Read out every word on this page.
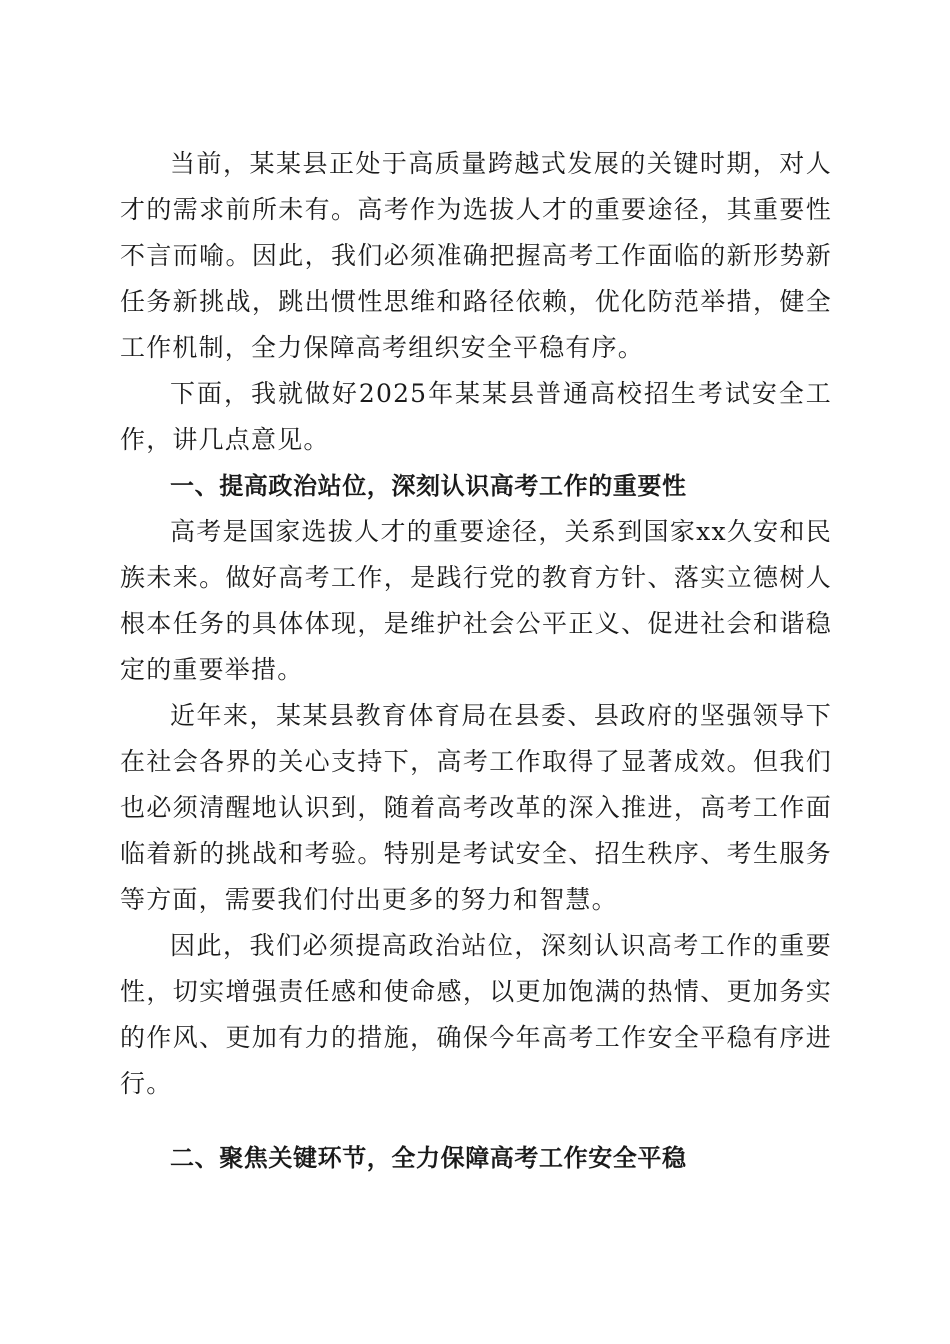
当前，某某县正处于高质量跨越式发展的关键时期，对人才的需求前所未有。高考作为选拔人才的重要途径，其重要性不言而喻。因此，我们必须准确把握高考工作面临的新形势新任务新挑战，跳出惯性思维和路径依赖，优化防范举措，健全工作机制，全力保障高考组织安全平稳有序。

下面，我就做好2025年某某县普通高校招生考试安全工作，讲几点意见。

一、提高政治站位，深刻认识高考工作的重要性

高考是国家选拔人才的重要途径，关系到国家xx久安和民族未来。做好高考工作，是践行党的教育方针、落实立德树人根本任务的具体体现，是维护社会公平正义、促进社会和谐稳定的重要举措。

近年来，某某县教育体育局在县委、县政府的坚强领导下在社会各界的关心支持下，高考工作取得了显著成效。但我们也必须清醒地认识到，随着高考改革的深入推进，高考工作面临着新的挑战和考验。特别是考试安全、招生秩序、考生服务等方面，需要我们付出更多的努力和智慧。

因此，我们必须提高政治站位，深刻认识高考工作的重要性，切实增强责任感和使命感，以更加饱满的热情、更加务实的作风、更加有力的措施，确保今年高考工作安全平稳有序进行。

二、聚焦关键环节，全力保障高考工作安全平稳
